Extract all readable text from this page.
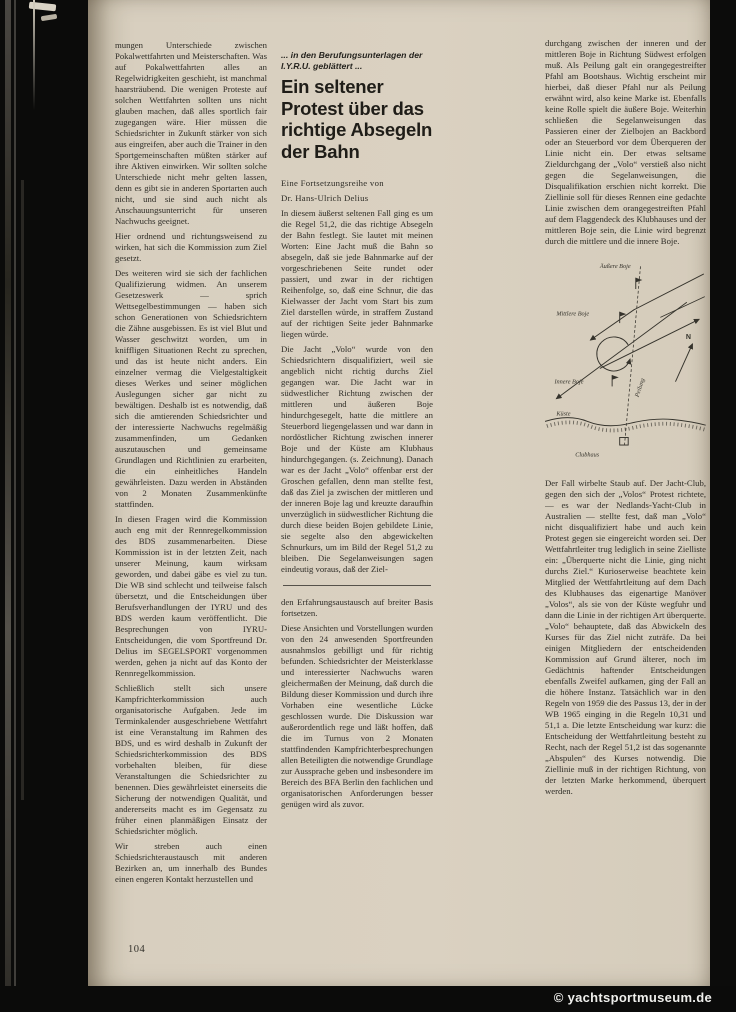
mungen Unterschiede zwischen Pokalwettfahrten und Meisterschaften. Was auf Pokalwettfahrten alles an Regelwidrigkeiten geschieht, ist manchmal haarsträubend. Die wenigen Proteste auf solchen Wettfahrten sollten uns nicht glauben machen, daß alles sportlich fair zugegangen wäre. Hier müssen die Schiedsrichter in Zukunft stärker von sich aus eingreifen, aber auch die Trainer in den Sportgemeinschaften müßten stärker auf ihre Aktiven einwirken. Wir sollten solche Unterschiede nicht mehr gelten lassen, denn es gibt sie in anderen Sportarten auch nicht, und sie sind auch nicht als Anschauungsunterricht für unseren Nachwuchs geeignet.

Hier ordnend und richtungsweisend zu wirken, hat sich die Kommission zum Ziel gesetzt.

Des weiteren wird sie sich der fachlichen Qualifizierung widmen. An unserem Gesetzeswerk — sprich Wettsegelbestimmungen — haben sich schon Generationen von Schiedsrichtern die Zähne ausgebissen. Es ist viel Blut und Wasser geschwitzt worden, um in kniffligen Situationen Recht zu sprechen, und das ist heute nicht anders. Ein einzelner vermag die Vielgestaltigkeit dieses Werkes und seiner möglichen Auslegungen sicher gar nicht zu bewältigen. Deshalb ist es notwendig, daß sich die amtierenden Schiedsrichter und der interessierte Nachwuchs regelmäßig zusammenfinden, um Gedanken auszutauschen und gemeinsame Grundlagen und Richtlinien zu erarbeiten, die ein einheitliches Handeln gewährleisten. Dazu werden in Abständen von 2 Monaten Zusammenkünfte stattfinden.

In diesen Fragen wird die Kommission auch eng mit der Rennregelkommission des BDS zusammenarbeiten. Diese Kommission ist in der letzten Zeit, nach unserer Meinung, kaum wirksam geworden, und dabei gäbe es viel zu tun. Die WB sind schlecht und teilweise falsch übersetzt, und die Entscheidungen über Berufsverhandlungen der IYRU und des BDS werden kaum veröffentlicht. Die Besprechungen von IYRU-Entscheidungen, die vom Sportfreund Dr. Delius im SEGELSPORT vorgenommen werden, gehen ja nicht auf das Konto der Rennregelkommission.

Schließlich stellt sich unsere Kampfrichterkommission auch organisatorische Aufgaben. Jede im Terminkalender ausgeschriebene Wettfahrt ist eine Veranstaltung im Rahmen des BDS, und es wird deshalb in Zukunft der Schiedsrichterkommission des BDS vorbehalten bleiben, für diese Veranstaltungen die Schiedsrichter zu benennen. Dies gewährleistet einerseits die Sicherung der notwendigen Qualität, und andererseits macht es im Gegensatz zu früher einen planmäßigen Einsatz der Schiedsrichter möglich.

Wir streben auch einen Schiedsrichteraustausch mit anderen Bezirken an, um innerhalb des Bundes einen engeren Kontakt herzustellen und

... in den Berufungsunterlagen der I.Y.R.U. geblättert ...

Ein seltener Protest über das richtige Absegeln der Bahn

Eine Fortsetzungsreihe von

Dr. Hans-Ulrich Delius

In diesem äußerst seltenen Fall ging es um die Regel 51,2, die das richtige Absegeln der Bahn festlegt. Sie lautet mit meinen Worten: Eine Jacht muß die Bahn so absegeln, daß sie jede Bahnmarke auf der vorgeschriebenen Seite rundet oder passiert, und zwar in der richtigen Reihenfolge, so, daß eine Schnur, die das Kielwasser der Jacht vom Start bis zum Ziel darstellen würde, in straffem Zustand auf der richtigen Seite jeder Bahnmarke liegen würde.

Die Jacht „Volo“ wurde von den Schiedsrichtern disqualifiziert, weil sie angeblich nicht richtig durchs Ziel gegangen war. Die Jacht war in südwestlicher Richtung zwischen der mittleren und äußeren Boje hindurchgesegelt, hatte die mittlere an Steuerbord liegengelassen und war dann in nordöstlicher Richtung zwischen innerer Boje und der Küste am Klubhaus hindurchgegangen. (s. Zeichnung). Danach war es der Jacht „Volo“ offenbar erst der Groschen gefallen, denn man stellte fest, daß das Ziel ja zwischen der mittleren und der inneren Boje lag und kreuzte daraufhin unverzüglich in südwestlicher Richtung die durch diese beiden Bojen gebildete Linie, sie segelte also den abgewickelten Schnurkurs, um im Bild der Regel 51,2 zu bleiben. Die Segelanweisungen sagen eindeutig voraus, daß der Ziel-

den Erfahrungsaustausch auf breiter Basis fortsetzen.

Diese Ansichten und Vorstellungen wurden von den 24 anwesenden Sportfreunden ausnahmslos gebilligt und für richtig befunden. Schiedsrichter der Meisterklasse und interessierter Nachwuchs waren gleichermaßen der Meinung, daß durch die Bildung dieser Kommission und durch ihre Vorhaben eine wesentliche Lücke geschlossen wurde. Die Diskussion war außerordentlich rege und läßt hoffen, daß die im Turnus von 2 Monaten stattfindenden Kampfrichterbesprechungen allen Beteiligten die notwendige Grundlage zur Aussprache geben und insbesondere im Bereich des BFA Berlin den fachlichen und organisatorischen Anforderungen besser genügen wird als zuvor.

durchgang zwischen der inneren und der mittleren Boje in Richtung Südwest erfolgen muß. Als Peilung galt ein orangegestreifter Pfahl am Bootshaus. Wichtig erscheint mir hierbei, daß dieser Pfahl nur als Peilung erwähnt wird, also keine Marke ist. Ebenfalls keine Rolle spielt die äußere Boje. Weiterhin schließen die Segelanweisungen das Passieren einer der Zielbojen an Backbord oder an Steuerbord vor dem Überqueren der Linie nicht ein. Der etwas seltsame Zieldurchgang der „Volo“ verstieß also nicht gegen die Segelanweisungen, die Disqualifikation erschien nicht korrekt. Die Ziellinie soll für dieses Rennen eine gedachte Linie zwischen dem orangegestreiften Pfahl auf dem Flaggendeck des Klubhauses und der mittleren Boje sein, die Linie wird begrenzt durch die mittlere und die innere Boje.

N
Äußere Boje
Mittlere Boje
Innere Boje	Peilung
Küste
Clubhaus

Der Fall wirbelte Staub auf. Der Jacht-Club, gegen den sich der „Volos“ Protest richtete, — es war der Nedlands-Yacht-Club in Australien — stellte fest, daß man „Volo“ nicht disqualifiziert habe und auch kein Protest gegen sie eingereicht worden sei. Der Wettfahrtleiter trug lediglich in seine Zielliste ein: „Überquerte nicht die Linie, ging nicht durchs Ziel.“ Kurioserweise beachtete kein Mitglied der Wettfahrtleitung auf dem Dach des Klubhauses das eigenartige Manöver „Volos“, als sie von der Küste wegfuhr und dann die Linie in der richtigen Art überquerte. „Volo“ behauptete, daß das Abwickeln des Kurses für das Ziel nicht zuträfe. Da bei einigen Mitgliedern der entscheidenden Kommission auf Grund älterer, noch im Gedächtnis haftender Entscheidungen ebenfalls Zweifel aufkamen, ging der Fall an die höhere Instanz. Tatsächlich war in den Regeln von 1959 die des Passus 13, der in der WB 1965 einging in die Regeln 10,31 und 51,1 a. Die letzte Entscheidung war kurz: die Entscheidung der Wettfahrtleitung besteht zu Recht, nach der Regel 51,2 ist das sogenannte „Abspulen“ des Kurses notwendig. Die Ziellinie muß in der richtigen Richtung, von der letzten Marke herkommend, überquert werden.

104
© yachtsportmuseum.de
